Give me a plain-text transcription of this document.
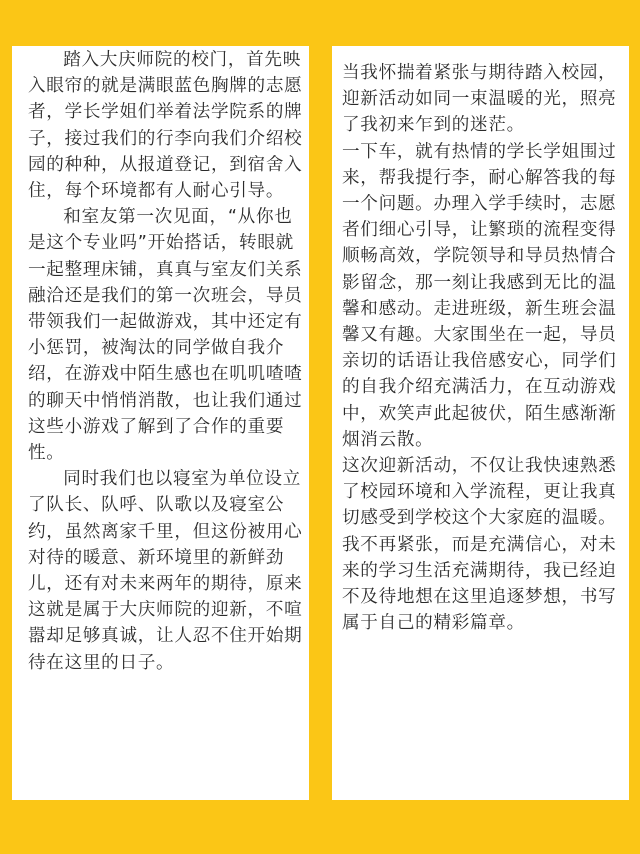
踏入大庆师院的校门，首先映入眼帘的就是满眼蓝色胸牌的志愿者，学长学姐们举着法学院系的牌子，接过我们的行李向我们介绍校园的种种，从报道登记，到宿舍入住，每个环境都有人耐心引导。

和室友第一次见面，“从你也是这个专业吗”开始搭话，转眼就一起整理床铺，真真与室友们关系融洽还是我们的第一次班会，导员带领我们一起做游戏，其中还定有小惩罚，被淘汰的同学做自我介绍，在游戏中陌生感也在叽叽喳喳的聊天中悄悄消散，也让我们通过这些小游戏了解到了合作的重要性。

同时我们也以寝室为单位设立了队长、队呼、队歌以及寝室公约，虽然离家千里，但这份被用心对待的暖意、新环境里的新鲜劲儿，还有对未来两年的期待，原来这就是属于大庆师院的迎新，不喧嚣却足够真诚，让人忍不住开始期待在这里的日子。

当我怀揣着紧张与期待踏入校园，迎新活动如同一束温暖的光，照亮了我初来乍到的迷茫。

一下车，就有热情的学长学姐围过来，帮我提行李，耐心解答我的每一个问题。办理入学手续时，志愿者们细心引导，让繁琐的流程变得顺畅高效，学院领导和导员热情合影留念，那一刻让我感到无比的温馨和感动。走进班级，新生班会温馨又有趣。大家围坐在一起，导员亲切的话语让我倍感安心，同学们的自我介绍充满活力，在互动游戏中，欢笑声此起彼伏，陌生感渐渐烟消云散。

这次迎新活动，不仅让我快速熟悉了校园环境和入学流程，更让我真切感受到学校这个大家庭的温暖。我不再紧张，而是充满信心，对未来的学习生活充满期待，我已经迫不及待地想在这里追逐梦想，书写属于自己的精彩篇章。
